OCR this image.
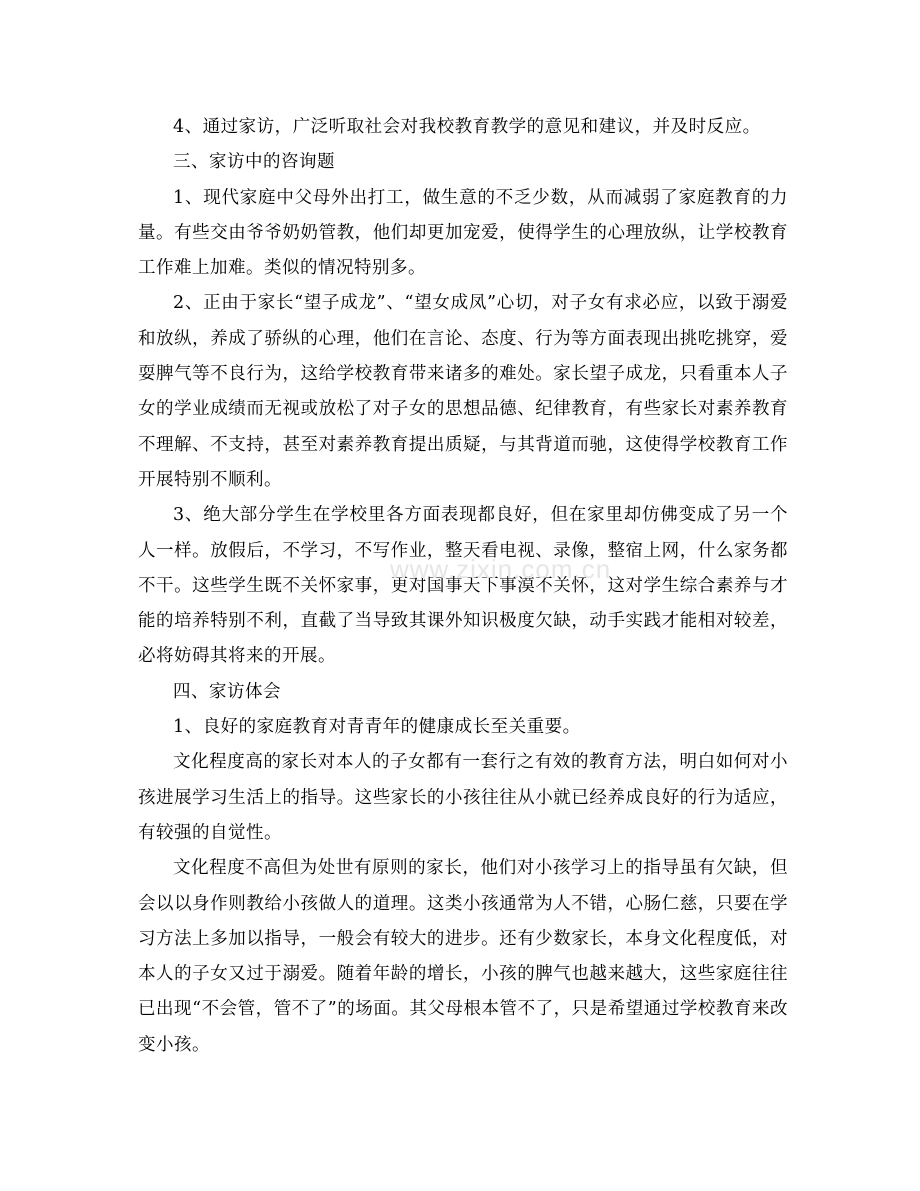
4、通过家访，广泛听取社会对我校教育教学的意见和建议，并及时反应。

三、家访中的咨询题

1、现代家庭中父母外出打工，做生意的不乏少数，从而减弱了家庭教育的力量。有些交由爷爷奶奶管教，他们却更加宠爱，使得学生的心理放纵，让学校教育工作难上加难。类似的情况特别多。

2、正由于家长“望子成龙”、“望女成凤”心切，对子女有求必应，以致于溺爱和放纵，养成了骄纵的心理，他们在言论、态度、行为等方面表现出挑吃挑穿，爱耍脾气等不良行为，这给学校教育带来诸多的难处。家长望子成龙，只看重本人子女的学业成绩而无视或放松了对子女的思想品德、纪律教育，有些家长对素养教育不理解、不支持，甚至对素养教育提出质疑，与其背道而驰，这使得学校教育工作开展特别不顺利。

3、绝大部分学生在学校里各方面表现都良好，但在家里却仿佛变成了另一个人一样。放假后，不学习，不写作业，整天看电视、录像，整宿上网，什么家务都不干。这些学生既不关怀家事，更对国事天下事漠不关怀，这对学生综合素养与才能的培养特别不利，直截了当导致其课外知识极度欠缺，动手实践才能相对较差，必将妨碍其将来的开展。

四、家访体会

1、良好的家庭教育对青青年的健康成长至关重要。

文化程度高的家长对本人的子女都有一套行之有效的教育方法，明白如何对小孩进展学习生活上的指导。这些家长的小孩往往从小就已经养成良好的行为适应，有较强的自觉性。

文化程度不高但为处世有原则的家长，他们对小孩学习上的指导虽有欠缺，但会以以身作则教给小孩做人的道理。这类小孩通常为人不错，心肠仁慈，只要在学习方法上多加以指导，一般会有较大的进步。还有少数家长，本身文化程度低，对本人的子女又过于溺爱。随着年龄的增长，小孩的脾气也越来越大，这些家庭往往已出现“不会管，管不了”的场面。其父母根本管不了，只是希望通过学校教育来改变小孩。

www.zixin.com.cn
